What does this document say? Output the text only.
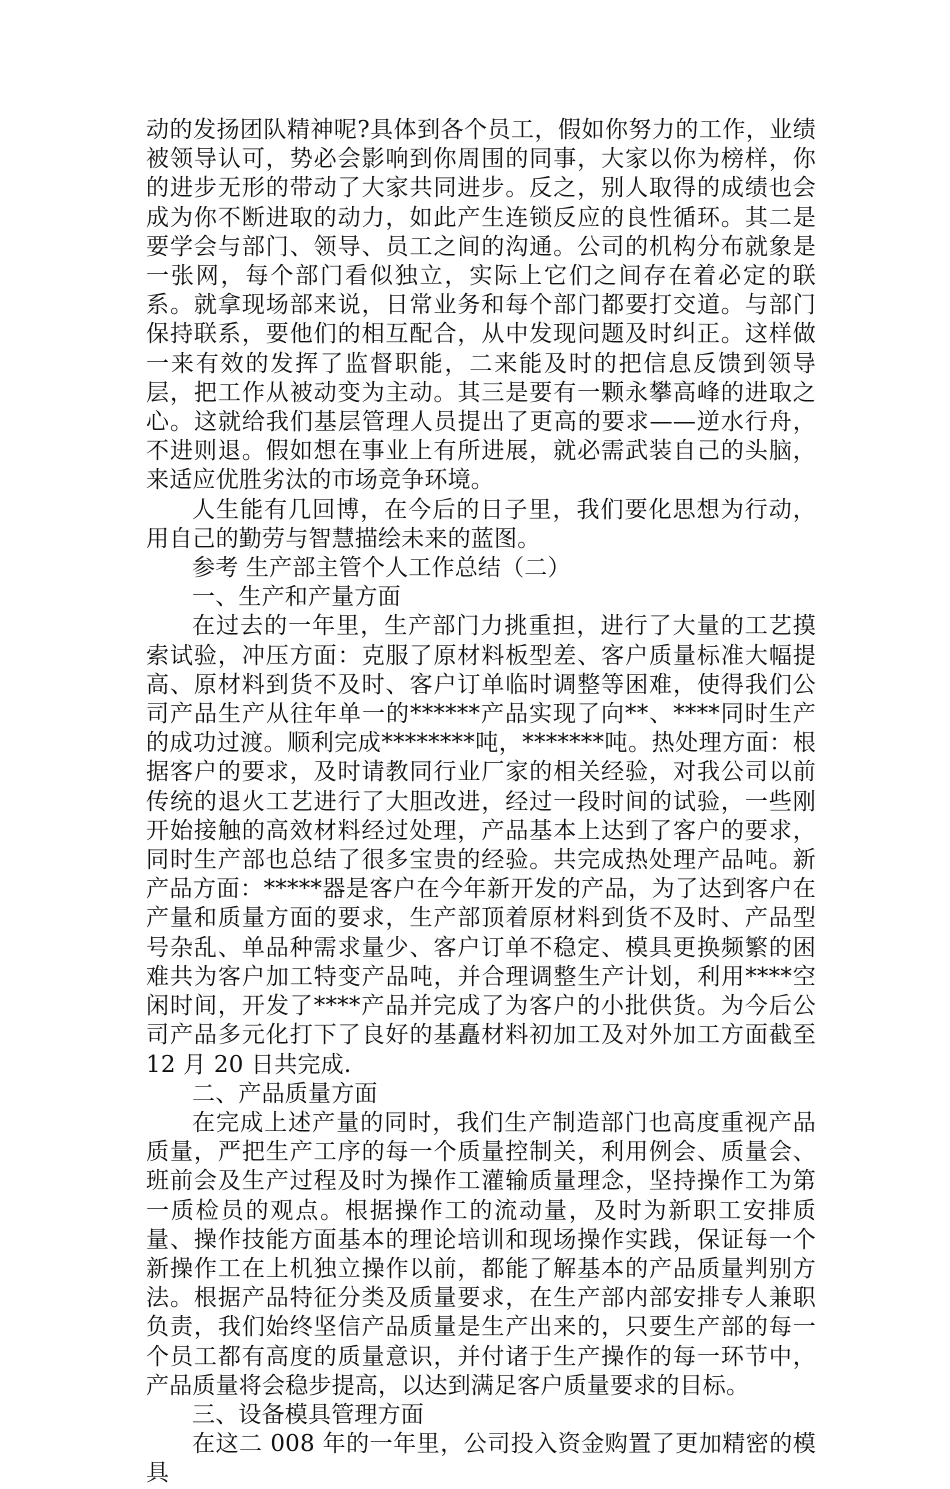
动的发扬团队精神呢?具体到各个员工，假如你努力的工作，业绩被领导认可，势必会影响到你周围的同事，大家以你为榜样，你的进步无形的带动了大家共同进步。反之，别人取得的成绩也会成为你不断进取的动力，如此产生连锁反应的良性循环。其二是要学会与部门、领导、员工之间的沟通。公司的机构分布就象是一张网，每个部门看似独立，实际上它们之间存在着必定的联系。就拿现场部来说，日常业务和每个部门都要打交道。与部门保持联系，要他们的相互配合，从中发现问题及时纠正。这样做一来有效的发挥了监督职能，二来能及时的把信息反馈到领导层，把工作从被动变为主动。其三是要有一颗永攀高峰的进取之心。这就给我们基层管理人员提出了更高的要求——逆水行舟，不进则退。假如想在事业上有所进展，就必需武装自己的头脑，来适应优胜劣汰的市场竞争环境。

人生能有几回博，在今后的日子里，我们要化思想为行动，用自己的勤劳与智慧描绘未来的蓝图。

参考 生产部主管个人工作总结（二）

一、生产和产量方面

在过去的一年里，生产部门力挑重担，进行了大量的工艺摸索试验，冲压方面：克服了原材料板型差、客户质量标准大幅提高、原材料到货不及时、客户订单临时调整等困难，使得我们公司产品生产从往年单一的******产品实现了向**、****同时生产的成功过渡。顺利完成********吨，*******吨。热处理方面：根据客户的要求，及时请教同行业厂家的相关经验，对我公司以前传统的退火工艺进行了大胆改进，经过一段时间的试验，一些刚开始接触的高效材料经过处理，产品基本上达到了客户的要求，同时生产部也总结了很多宝贵的经验。共完成热处理产品吨。新产品方面：*****器是客户在今年新开发的产品，为了达到客户在产量和质量方面的要求，生产部顶着原材料到货不及时、产品型号杂乱、单品种需求量少、客户订单不稳定、模具更换频繁的困难共为客户加工特变产品吨，并合理调整生产计划，利用****空闲时间，开发了****产品并完成了为客户的小批供货。为今后公司产品多元化打下了良好的基矗材料初加工及对外加工方面截至 12 月 20 日共完成.

二、产品质量方面

在完成上述产量的同时，我们生产制造部门也高度重视产品质量，严把生产工序的每一个质量控制关，利用例会、质量会、班前会及生产过程及时为操作工灌输质量理念，坚持操作工为第一质检员的观点。根据操作工的流动量，及时为新职工安排质量、操作技能方面基本的理论培训和现场操作实践，保证每一个新操作工在上机独立操作以前，都能了解基本的产品质量判别方法。根据产品特征分类及质量要求，在生产部内部安排专人兼职负责，我们始终坚信产品质量是生产出来的，只要生产部的每一个员工都有高度的质量意识，并付诸于生产操作的每一环节中，产品质量将会稳步提高，以达到满足客户质量要求的目标。

三、设备模具管理方面

在这二 008 年的一年里，公司投入资金购置了更加精密的模具
